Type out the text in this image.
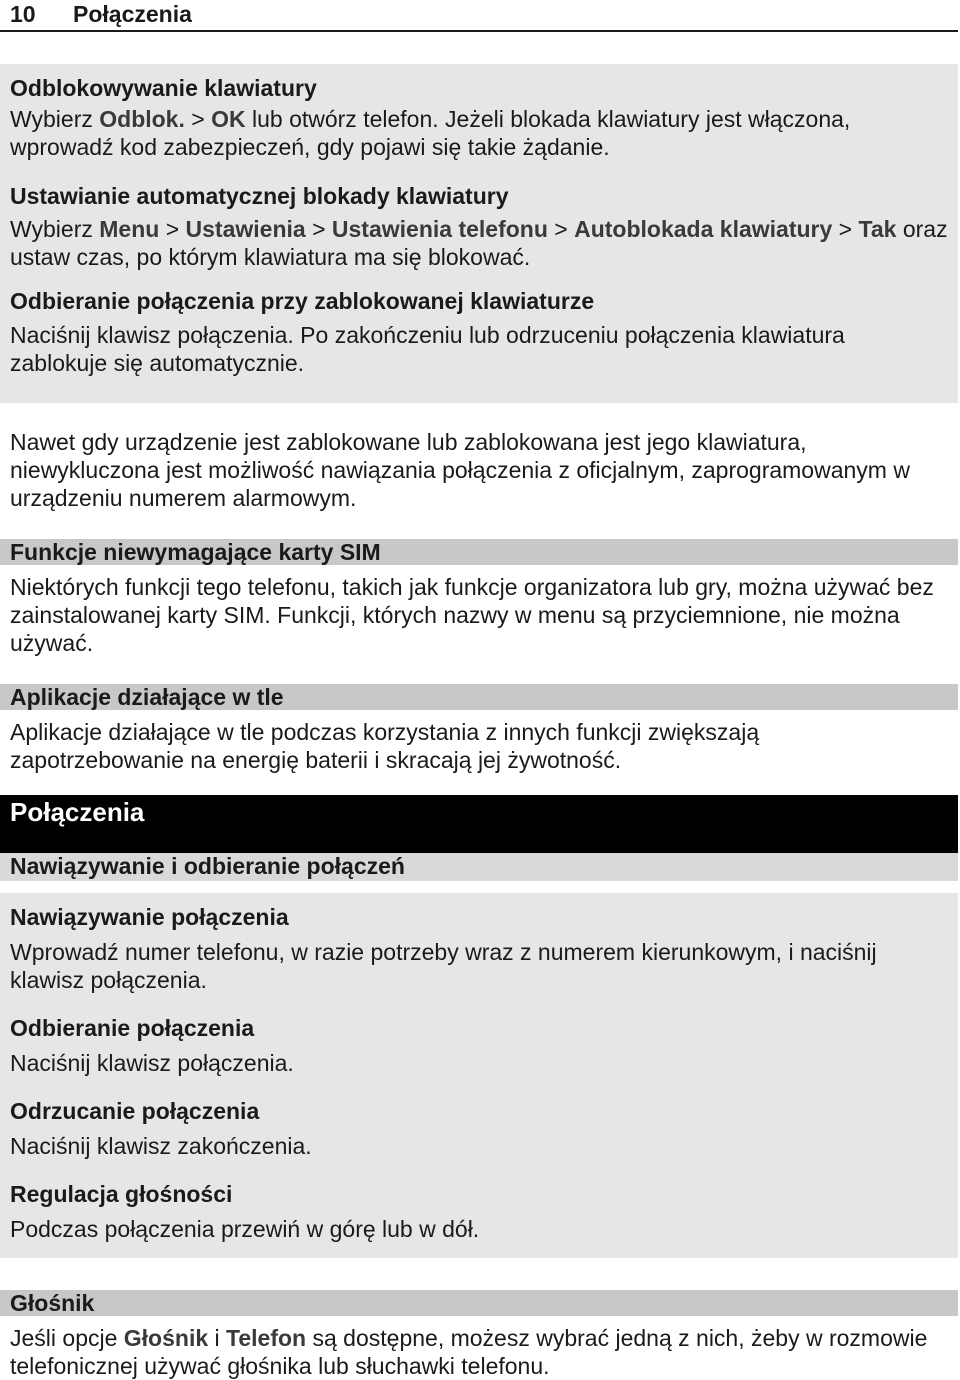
10 Połączenia
Odblokowywanie klawiatury
Wybierz Odblok. > OK lub otwórz telefon. Jeżeli blokada klawiatury jest włączona, wprowadź kod zabezpieczeń, gdy pojawi się takie żądanie.
Ustawianie automatycznej blokady klawiatury
Wybierz Menu > Ustawienia > Ustawienia telefonu > Autoblokada klawiatury > Tak oraz ustaw czas, po którym klawiatura ma się blokować.
Odbieranie połączenia przy zablokowanej klawiaturze
Naciśnij klawisz połączenia. Po zakończeniu lub odrzuceniu połączenia klawiatura zablokuje się automatycznie.
Nawet gdy urządzenie jest zablokowane lub zablokowana jest jego klawiatura, niewykluczona jest możliwość nawiązania połączenia z oficjalnym, zaprogramowanym w urządzeniu numerem alarmowym.
Funkcje niewymagające karty SIM
Niektórych funkcji tego telefonu, takich jak funkcje organizatora lub gry, można używać bez zainstalowanej karty SIM. Funkcji, których nazwy w menu są przyciemnione, nie można używać.
Aplikacje działające w tle
Aplikacje działające w tle podczas korzystania z innych funkcji zwiększają zapotrzebowanie na energię baterii i skracają jej żywotność.
Połączenia
Nawiązywanie i odbieranie połączeń
Nawiązywanie połączenia
Wprowadź numer telefonu, w razie potrzeby wraz z numerem kierunkowym, i naciśnij klawisz połączenia.
Odbieranie połączenia
Naciśnij klawisz połączenia.
Odrzucanie połączenia
Naciśnij klawisz zakończenia.
Regulacja głośności
Podczas połączenia przewiń w górę lub w dół.
Głośnik
Jeśli opcje Głośnik i Telefon są dostępne, możesz wybrać jedną z nich, żeby w rozmowie telefonicznej używać głośnika lub słuchawki telefonu.
